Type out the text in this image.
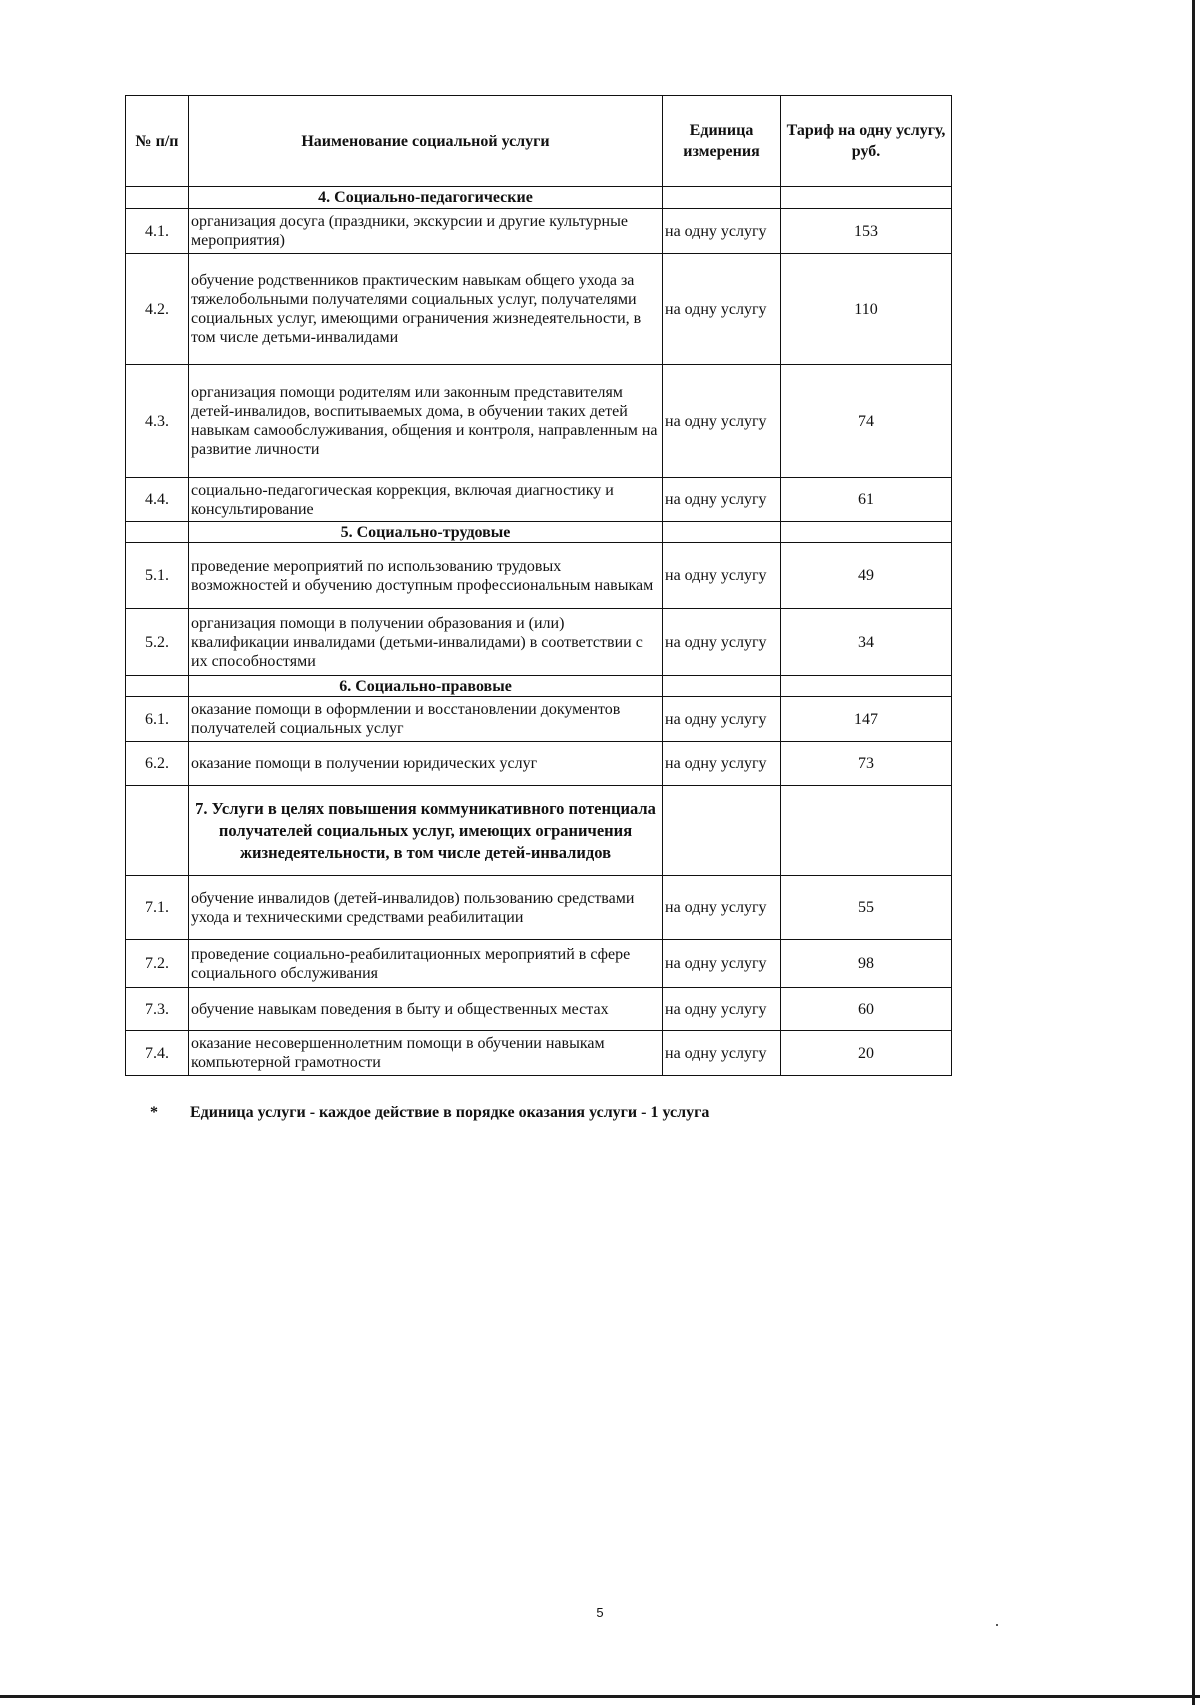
№ п/п	Наименование социальной услуги	Единица измерения	Тариф на одну услугу, руб.
	4. Социально-педагогические		
4.1.	организация досуга (праздники, экскурсии и другие культурные мероприятия)	на одну услугу	153
4.2.	обучение родственников практическим навыкам общего ухода за тяжелобольными получателями социальных услуг, получателями социальных услуг, имеющими ограничения жизнедеятельности, в том числе детьми-инвалидами	на одну услугу	110
4.3.	организация помощи родителям или законным представителям детей-инвалидов, воспитываемых дома, в обучении таких детей навыкам самообслуживания, общения и контроля, направленным на развитие личности	на одну услугу	74
4.4.	социально-педагогическая коррекция, включая диагностику и консультирование	на одну услугу	61
	5. Социально-трудовые		
5.1.	проведение мероприятий по использованию трудовых возможностей и обучению доступным профессиональным навыкам	на одну услугу	49
5.2.	организация помощи в получении образования и (или) квалификации инвалидами (детьми-инвалидами) в соответствии с их способностями	на одну услугу	34
	6. Социально-правовые		
6.1.	оказание помощи в оформлении и восстановлении документов получателей социальных услуг	на одну услугу	147
6.2.	оказание помощи в получении юридических услуг	на одну услугу	73
	7. Услуги в целях повышения коммуникативного потенциала получателей социальных услуг, имеющих ограничения жизнедеятельности, в том числе детей-инвалидов		
7.1.	обучение инвалидов (детей-инвалидов) пользованию средствами ухода и техническими средствами реабилитации	на одну услугу	55
7.2.	проведение социально-реабилитационных мероприятий в сфере социального обслуживания	на одну услугу	98
7.3.	обучение навыкам поведения в быту и общественных местах	на одну услугу	60
7.4.	оказание несовершеннолетним помощи в обучении навыкам компьютерной грамотности	на одну услугу	20
* Единица услуги - каждое действие в порядке оказания услуги - 1 услуга
5
